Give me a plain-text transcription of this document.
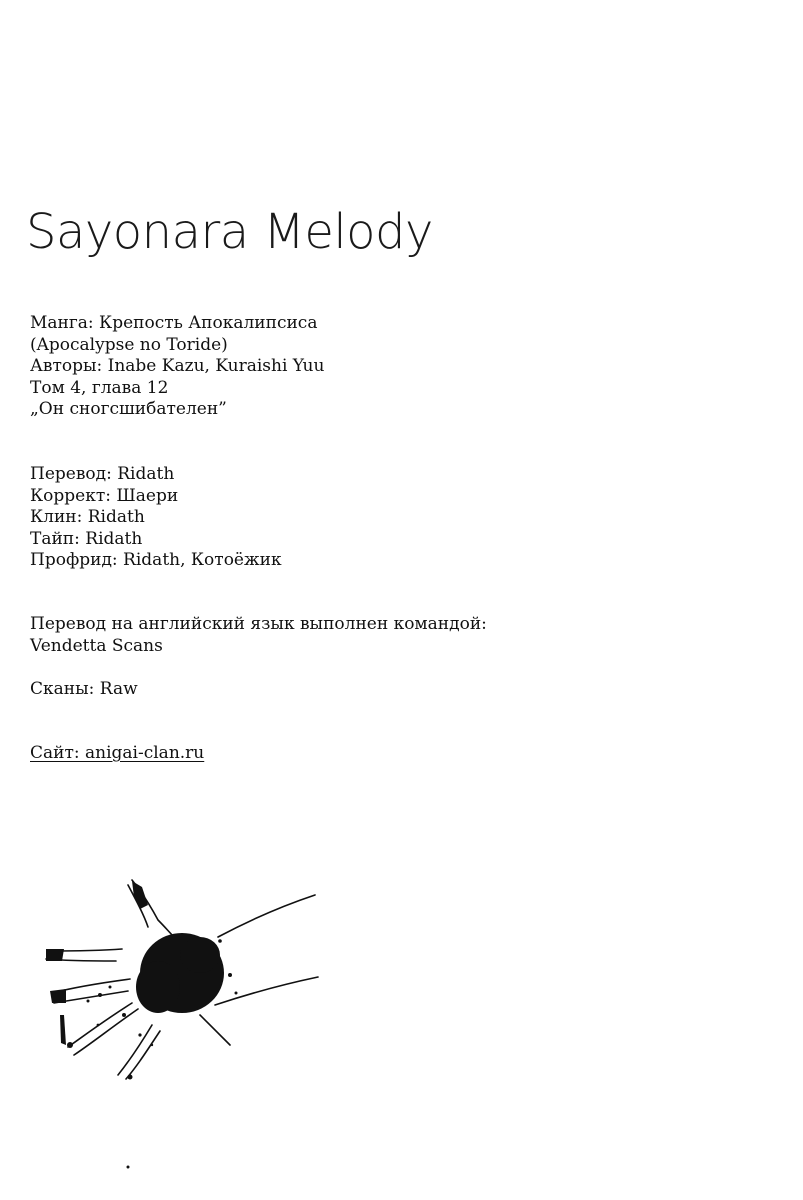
Sayonara Melody
Манга: Крепость Апокалипсиса
(Apocalypse no Toride)
Авторы: Inabe Kazu, Kuraishi Yuu
Том 4, глава 12
„Он сногсшибателен”
Перевод: Ridath
Коррект: Шаери
Клин: Ridath
Тайп: Ridath
Профрид: Ridath, Котоёжик
Перевод на английский язык выполнен командой:
Vendetta Scans
Сканы: Raw
Сайт: anigai-clan.ru
